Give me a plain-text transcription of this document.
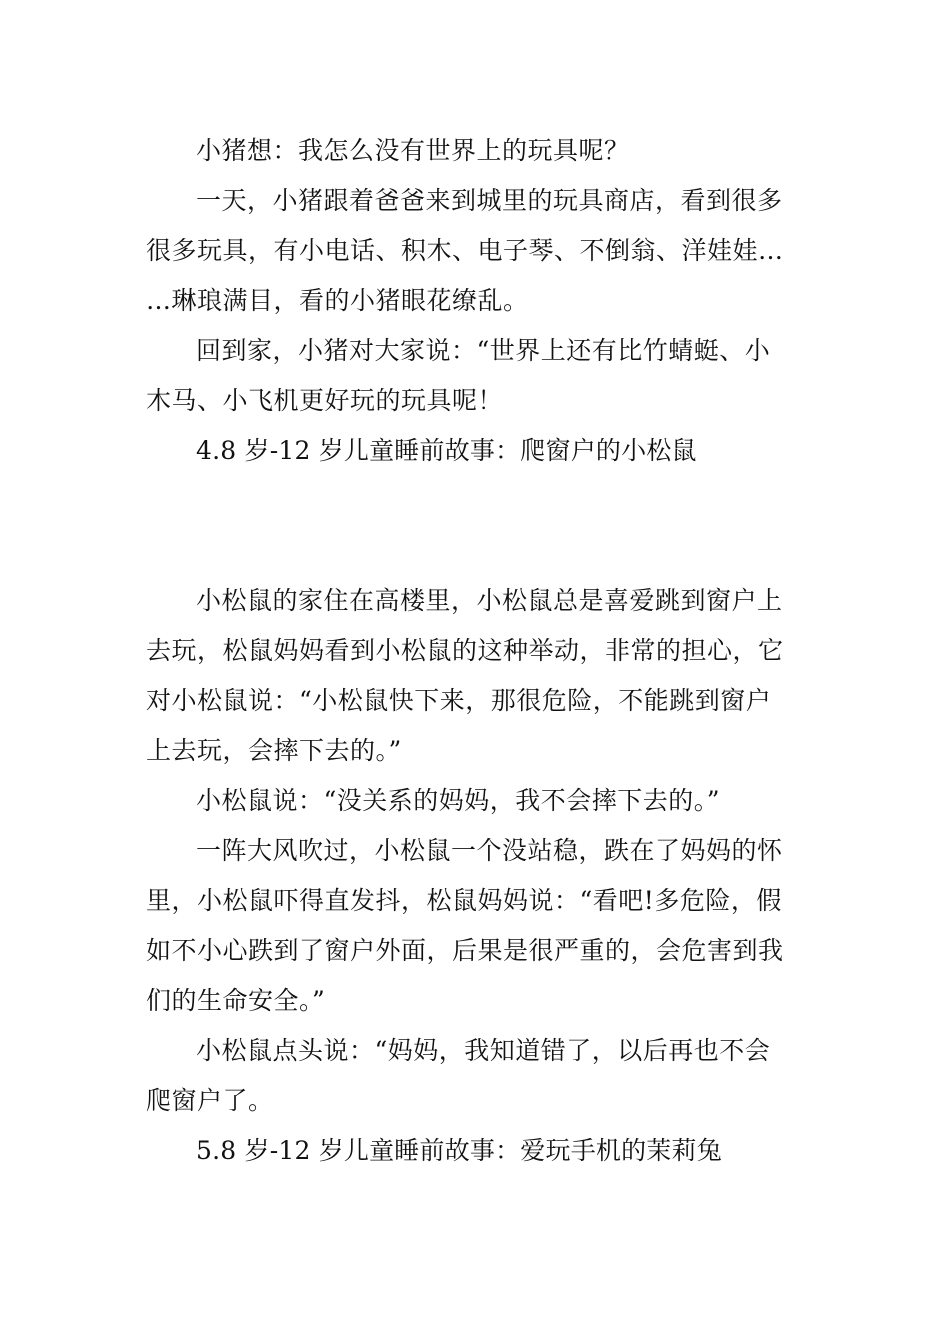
小猪想：我怎么没有世界上的玩具呢？
一天，小猪跟着爸爸来到城里的玩具商店，看到很多
很多玩具，有小电话、积木、电子琴、不倒翁、洋娃娃…
…琳琅满目，看的小猪眼花缭乱。
回到家，小猪对大家说：“世界上还有比竹蜻蜓、小
木马、小飞机更好玩的玩具呢！
4.8 岁-12 岁儿童睡前故事：爬窗户的小松鼠
小松鼠的家住在高楼里，小松鼠总是喜爱跳到窗户上
去玩，松鼠妈妈看到小松鼠的这种举动，非常的担心，它
对小松鼠说：“小松鼠快下来，那很危险，不能跳到窗户
上去玩，会摔下去的。”
小松鼠说：“没关系的妈妈，我不会摔下去的。”
一阵大风吹过，小松鼠一个没站稳，跌在了妈妈的怀
里，小松鼠吓得直发抖，松鼠妈妈说：“看吧!多危险，假
如不小心跌到了窗户外面，后果是很严重的，会危害到我
们的生命安全。”
小松鼠点头说：“妈妈，我知道错了，以后再也不会
爬窗户了。
5.8 岁-12 岁儿童睡前故事：爱玩手机的茉莉兔
